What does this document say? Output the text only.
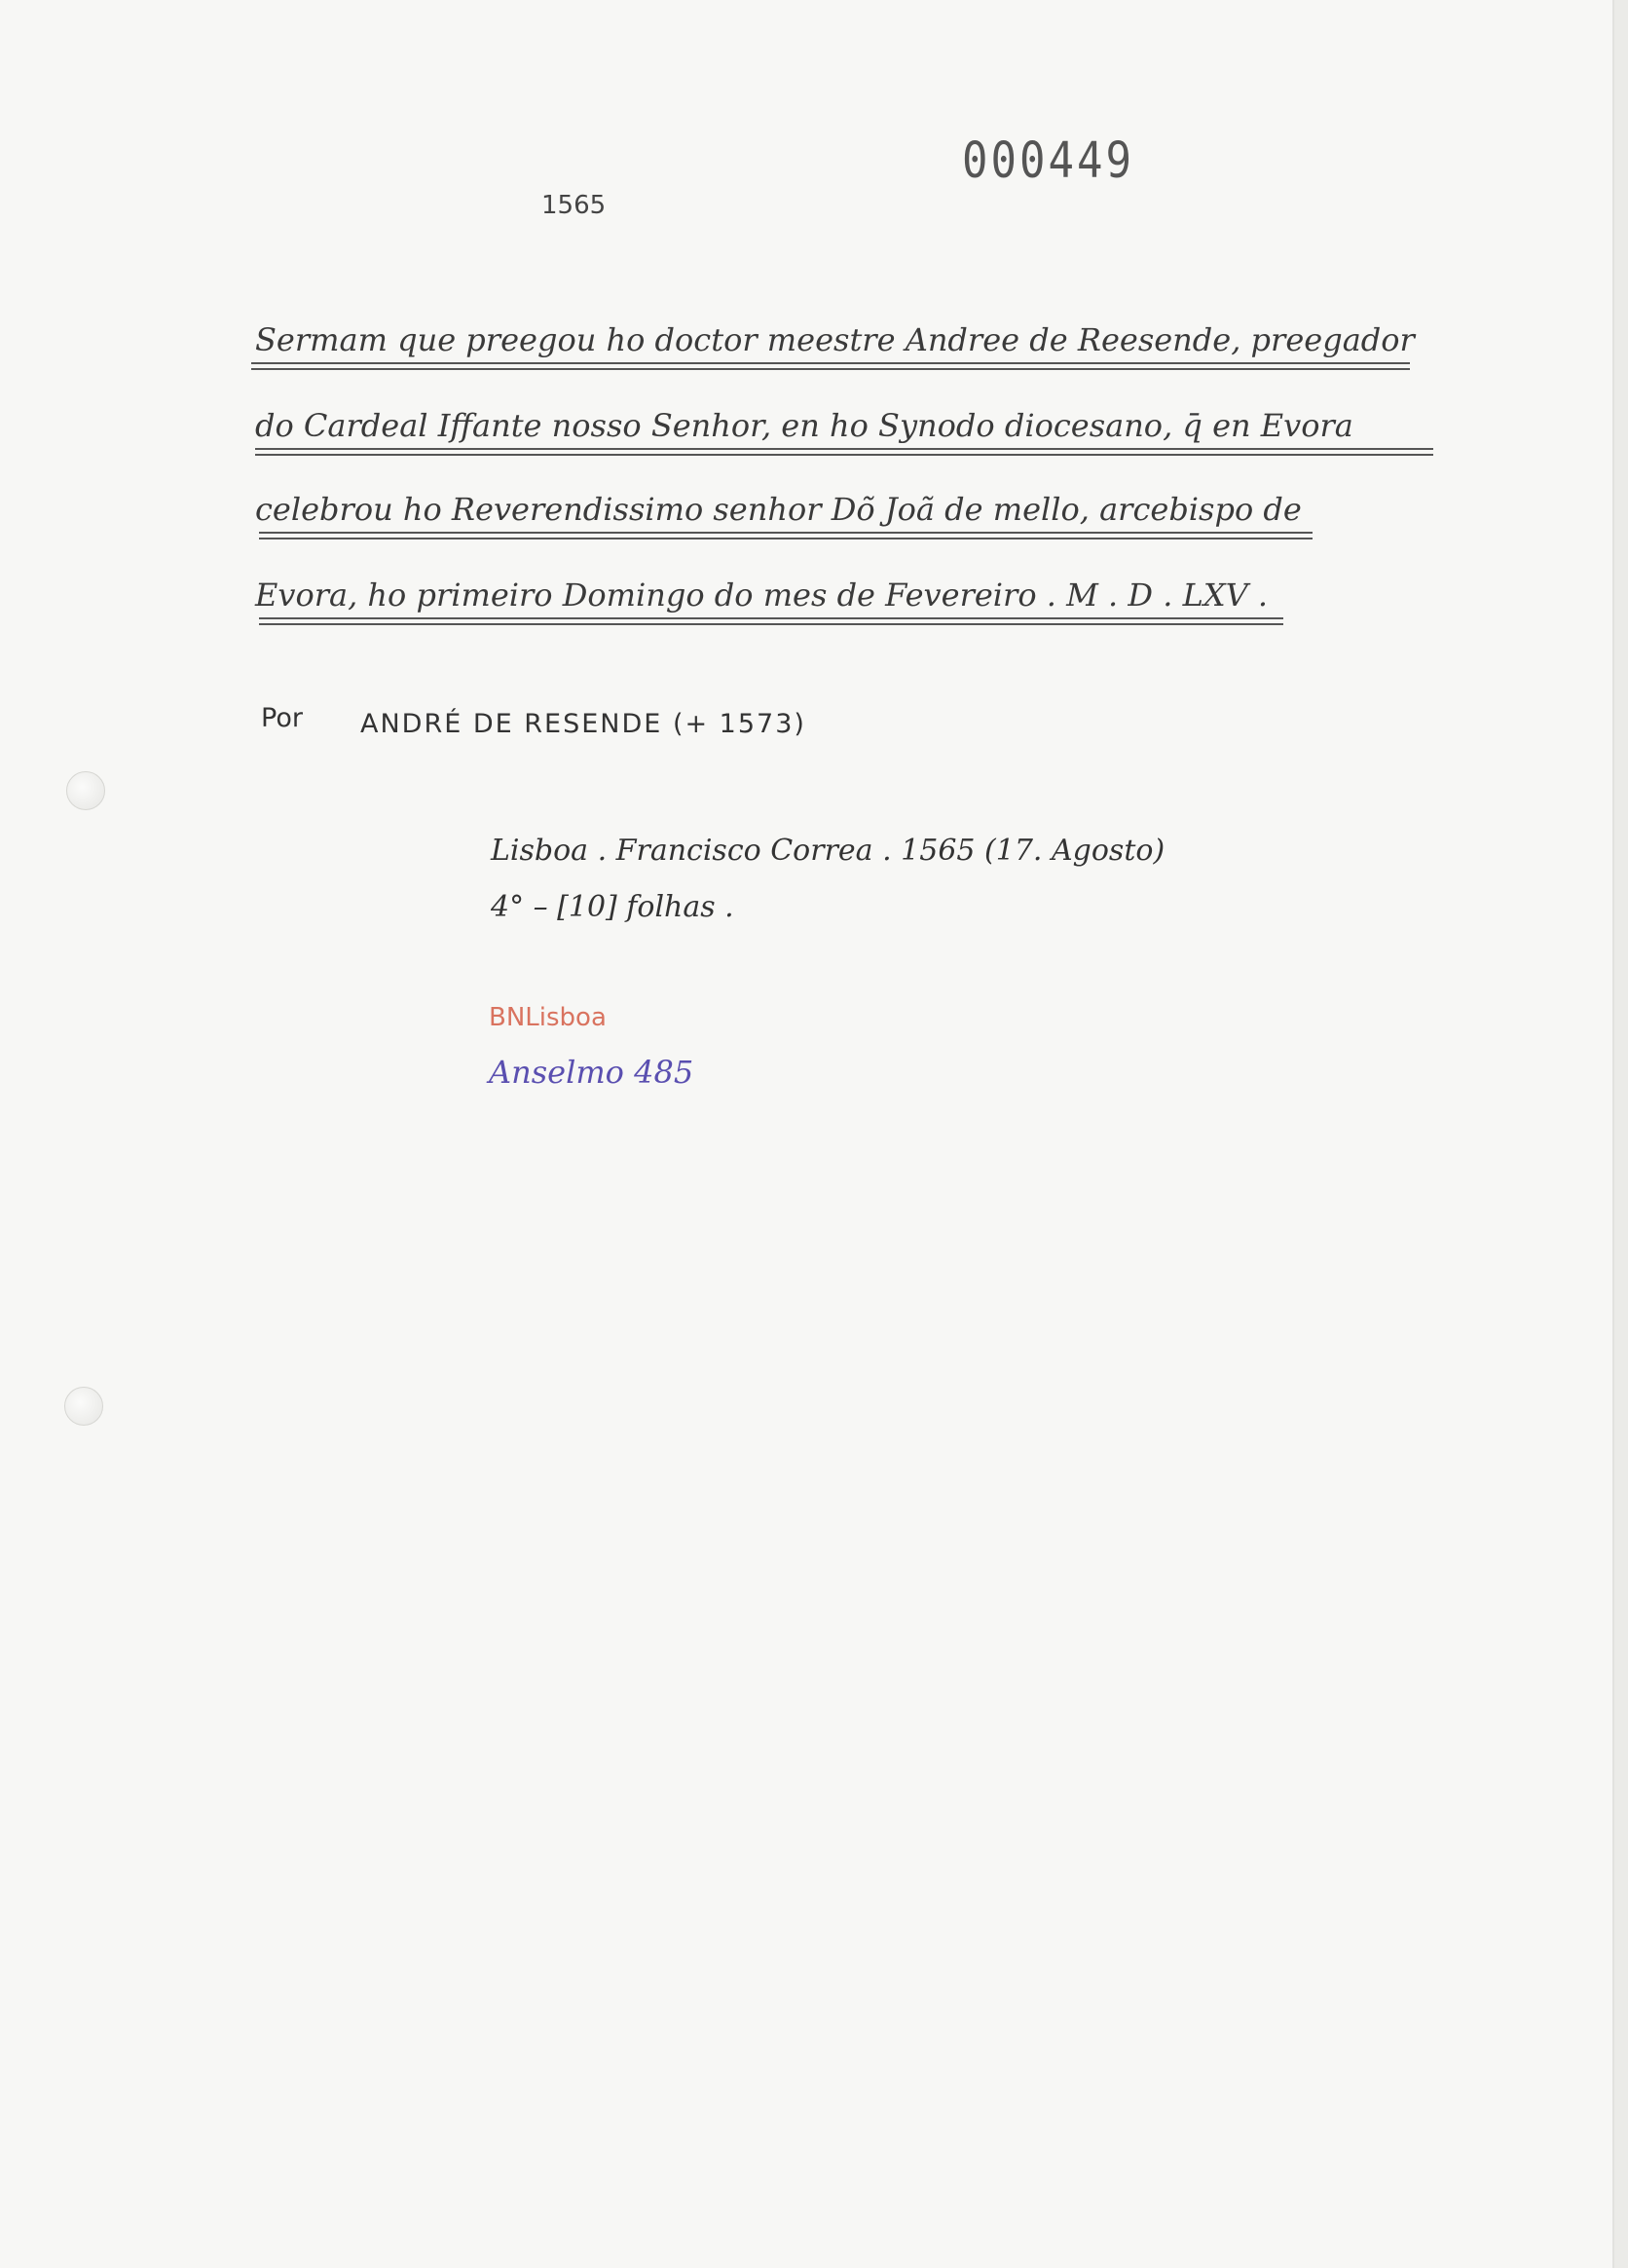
000449
1565
Sermam que preegou ho doctor meestre Andree de Reesende, preegador
do Cardeal Iffante nosso Senhor, en ho Synodo diocesano, q̄ en Evora
celebrou ho Reverendissimo senhor Dõ Joã de mello, arcebispo de
Evora, ho primeiro Domingo do mes de Fevereiro . M . D . LXV .
Por ANDRÉ DE RESENDE (+ 1573)
Lisboa . Francisco Correa . 1565 (17. Agosto)
4° – [10] folhas .
BNLisboa
Anselmo 485
